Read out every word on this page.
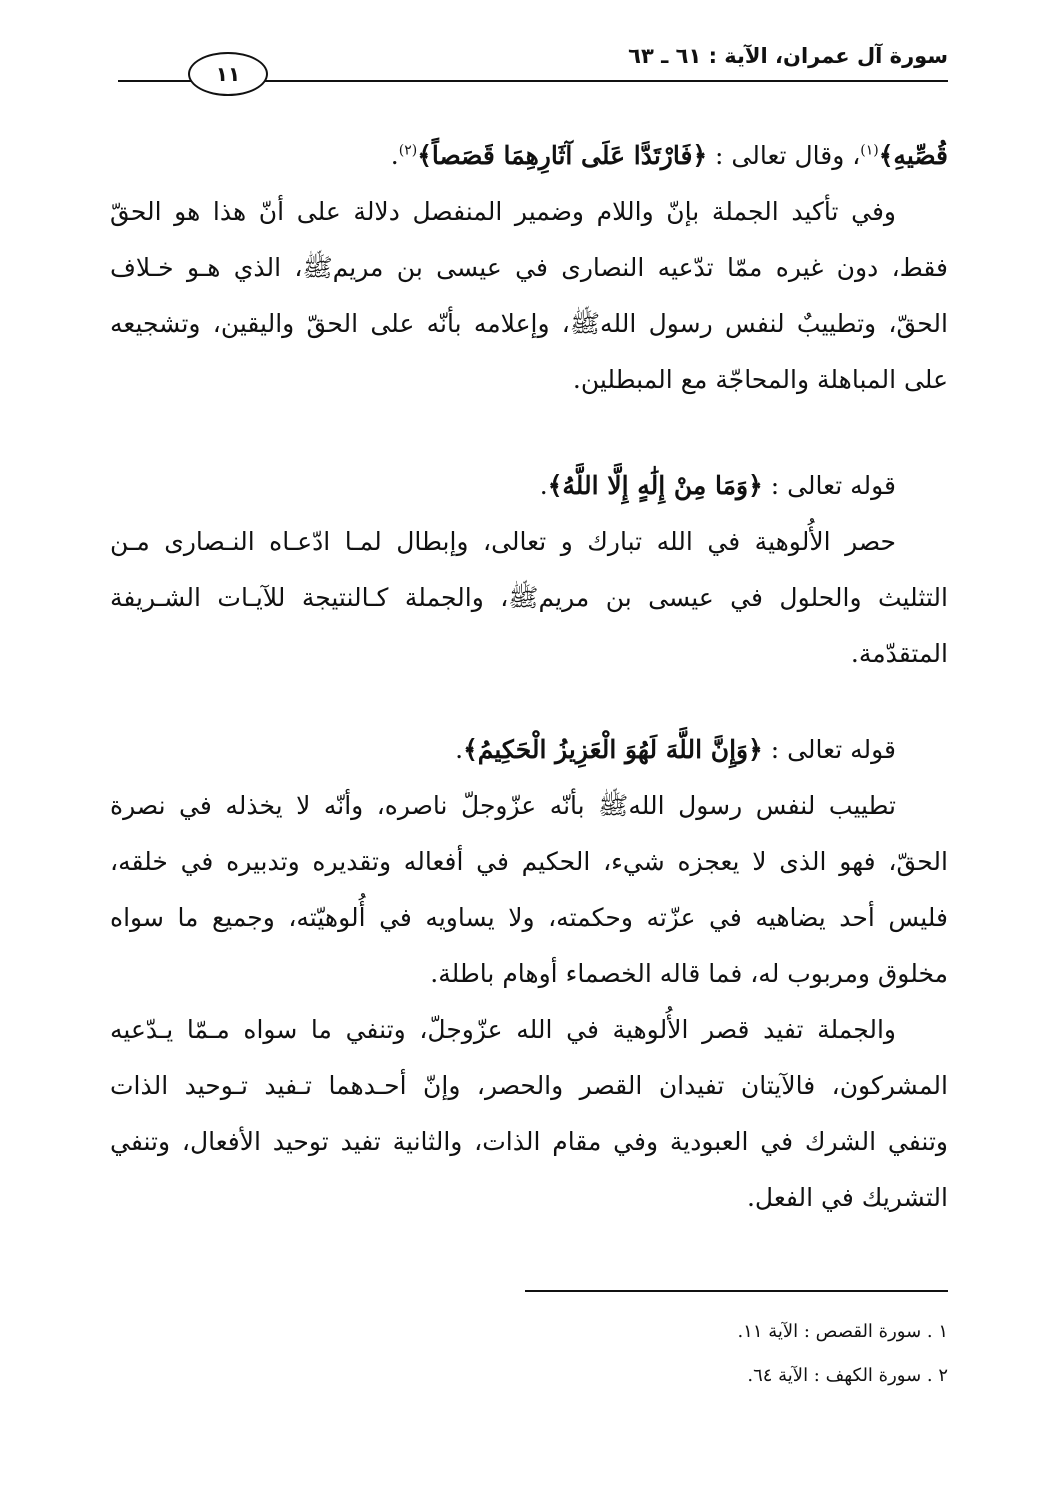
سورة آل عمران، الآية : ٦١ ـ ٦٣
١١
قُصِّيهِ﴾$^{(١)}$، وقال تعالى : ﴿فَارْتَدَّا عَلَى آثَارِهِمَا قَصَصاً﴾$^{(٢)}$.
وفي تأكيد الجملة بإنّ واللام وضمير المنفصل دلالة على أنّ هذا هو الحقّ
فقط، دون غيره ممّا تدّعيه النصارى في عيسى بن مريمﷺ، الذي هـو خـلاف
الحقّ، وتطييبٌ لنفس رسول اللهﷺ، وإعلامه بأنّه على الحقّ واليقين، وتشجيعه
على المباهلة والمحاجّة مع المبطلين.
قوله تعالى : ﴿وَمَا مِنْ إِلَٰهٍ إِلَّا اللَّهُ﴾.
حصر الأُلوهية في الله تبارك و تعالى، وإبطال لمـا ادّعـاه النـصارى مـن
التثليث والحلول في عيسى بن مريمﷺ، والجملة كـالنتيجة للآيـات الشـريفة
المتقدّمة.
قوله تعالى : ﴿وَإِنَّ اللَّهَ لَهُوَ الْعَزِيزُ الْحَكِيمُ﴾.
تطييب لنفس رسول اللهﷺ بأنّه عزّوجلّ ناصره، وأنّه لا يخذله في نصرة
الحقّ، فهو الذى لا يعجزه شيء، الحكيم في أفعاله وتقديره وتدبيره في خلقه،
فليس أحد يضاهيه في عزّته وحكمته، ولا يساويه في أُلوهيّته، وجميع ما سواه
مخلوق ومربوب له، فما قاله الخصماء أوهام باطلة.
والجملة تفيد قصر الأُلوهية في الله عزّوجلّ، وتنفي ما سواه مـمّا يـدّعيه
المشركون، فالآيتان تفيدان القصر والحصر، وإنّ أحـدهما تـفيد تـوحيد الذات
وتنفي الشرك في العبودية وفي مقام الذات، والثانية تفيد توحيد الأفعال، وتنفي
التشريك في الفعل.
١ . سورة القصص : الآية ١١.
٢ . سورة الكهف : الآية ٦٤.
